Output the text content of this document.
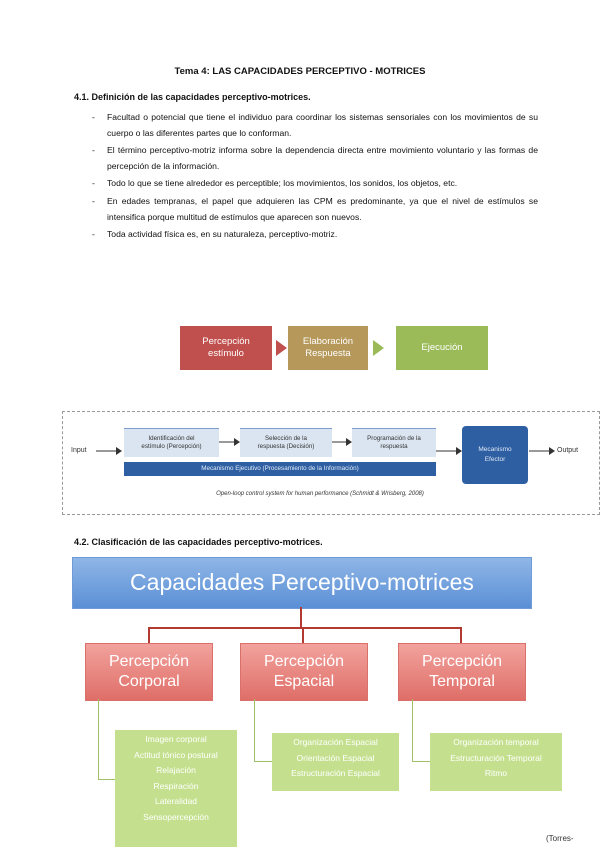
Tema 4: LAS CAPACIDADES PERCEPTIVO - MOTRICES
4.1. Definición de las capacidades perceptivo-motrices.
- Facultad o potencial que tiene el individuo para coordinar los sistemas sensoriales con los movimientos de su cuerpo o las diferentes partes que lo conforman.
- El término perceptivo-motriz informa sobre la dependencia directa entre movimiento voluntario y las formas de percepción de la información.
- Todo lo que se tiene alrededor es perceptible; los movimientos, los sonidos, los objetos, etc.
- En edades tempranas, el papel que adquieren las CPM es predominante, ya que el nivel de estímulos se intensifica porque multitud de estímulos que aparecen son nuevos.
- Toda actividad física es, en su naturaleza, perceptivo-motriz.
Percepción
estímulo
Elaboración
Respuesta
Ejecución
Input
Identificación del
estímulo (Percepción)
Selección de la
respuesta (Decisión)
Programación de la
respuesta	Mecanismo
Efector
Output
Mecanismo Ejecutivo (Procesamiento de la Información)
Open-loop control system for human performance (Schmidt & Wrisberg, 2008)
4.2. Clasificación de las capacidades perceptivo-motrices.
Capacidades Perceptivo-motrices
Percepción
Corporal
Percepción
Espacial
Percepción
Temporal
Imagen corporal
Actitud tónico postural
Relajación
Respiración
Lateralidad
Sensopercepción
Organización Espacial
Orientación Espacial
Estructuración Espacial
Organización temporal
Estructuración Temporal
Ritmo
(Torres-
